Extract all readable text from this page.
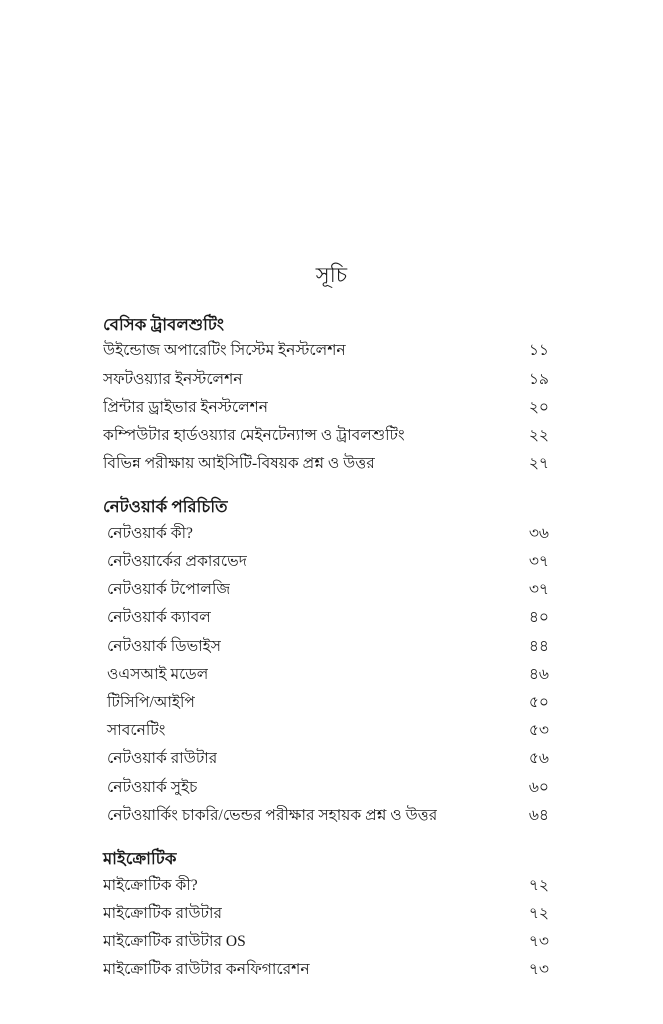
সূচি
বেসিক ট্রাবলশুটিং
উইন্ডোজ অপারেটিং সিস্টেম ইনস্টলেশন	১১
সফটওয়্যার ইনস্টলেশন	১৯
প্রিন্টার ড্রাইভার ইনস্টলেশন	২০
কম্পিউটার হার্ডওয়্যার মেইনটেন্যান্স ও ট্রাবলশুটিং	২২
বিভিন্ন পরীক্ষায় আইসিটি-বিষয়ক প্রশ্ন ও উত্তর	২৭
নেটওয়ার্ক পরিচিতি
নেট‌ওয়ার্ক কী?	৩৬
নেট‌ওয়ার্কের প্রকারভেদ	৩৭
নেট‌ওয়ার্ক টপোলজি	৩৭
নেট‌ওয়ার্ক ক্যাবল	৪০
নেট‌ওয়ার্ক ডিভাইস	৪৪
ওএসআই মডেল	৪৬
টিসিপি/আইপি	৫০
সাবনেটিং	৫৩
নেট‌ওয়ার্ক রাউটার	৫৬
নেট‌ওয়ার্ক সুইচ	৬০
নেট‌ওয়ার্কিং চাকরি/ভেন্ডর পরীক্ষার সহায়ক প্রশ্ন ও উত্তর	৬৪
মাইক্রোটিক
মাইক্রোটিক কী?	৭২
মাইক্রোটিক রাউটার	৭২
মাইক্রোটিক রাউটার OS	৭৩
মাইক্রোটিক রাউটার কনফিগারেশন	৭৩
